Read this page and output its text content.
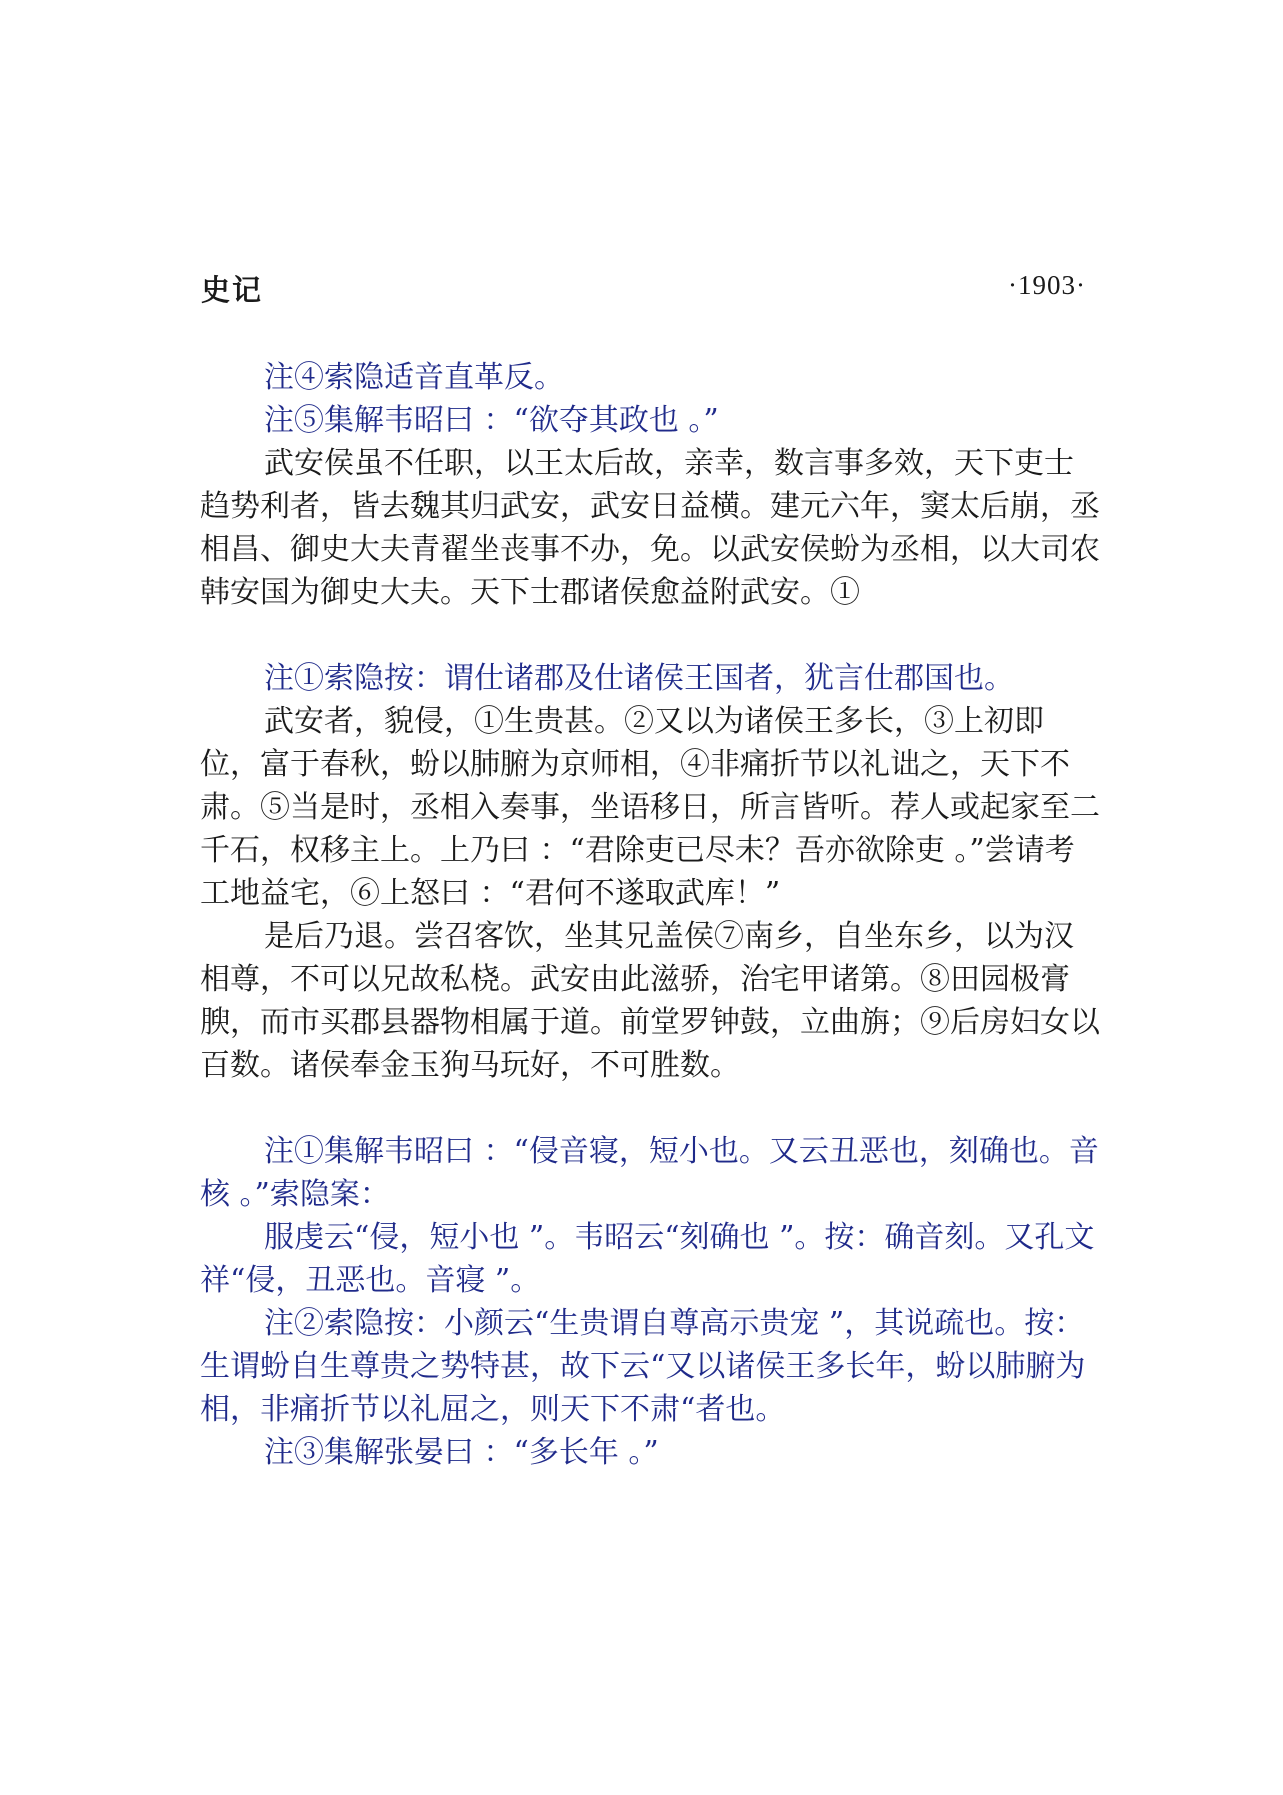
史记	·1903·

注④索隐适音直革反。

注⑤集解韦昭曰 ：“欲夺其政也 。”

武安侯虽不任职，以王太后故，亲幸，数言事多效，天下吏士趋势利者，皆去魏其归武安，武安日益横。建元六年，窦太后崩，丞相昌、御史大夫青翟坐丧事不办，免。以武安侯蚡为丞相，以大司农韩安国为御史大夫。天下士郡诸侯愈益附武安。①

注①索隐按：谓仕诸郡及仕诸侯王国者，犹言仕郡国也。

武安者，貌侵，①生贵甚。②又以为诸侯王多长，③上初即位，富于春秋，蚡以肺腑为京师相，④非痛折节以礼诎之，天下不肃。⑤当是时，丞相入奏事，坐语移日，所言皆听。荐人或起家至二千石，权移主上。上乃曰 ：“君除吏已尽未？吾亦欲除吏 。”尝请考工地益宅，⑥上怒曰 ：“君何不遂取武库！”

是后乃退。尝召客饮，坐其兄盖侯⑦南乡，自坐东乡，以为汉相尊，不可以兄故私桡。武安由此滋骄，治宅甲诸第。⑧田园极膏腴，而市买郡县器物相属于道。前堂罗钟鼓，立曲旃；⑨后房妇女以百数。诸侯奉金玉狗马玩好，不可胜数。

注①集解韦昭曰 ：“侵音寝，短小也。又云丑恶也，刻确也。音核 。”索隐案：

服虔云“侵，短小也 ”。韦昭云“刻确也 ”。按：确音刻。又孔文祥“侵，丑恶也。音寝 ”。

注②索隐按：小颜云“生贵谓自尊高示贵宠 ”，其说疏也。按：生谓蚡自生尊贵之势特甚，故下云“又以诸侯王多长年，蚡以肺腑为相，非痛折节以礼屈之，则天下不肃“者也。

注③集解张晏曰 ：“多长年 。”
